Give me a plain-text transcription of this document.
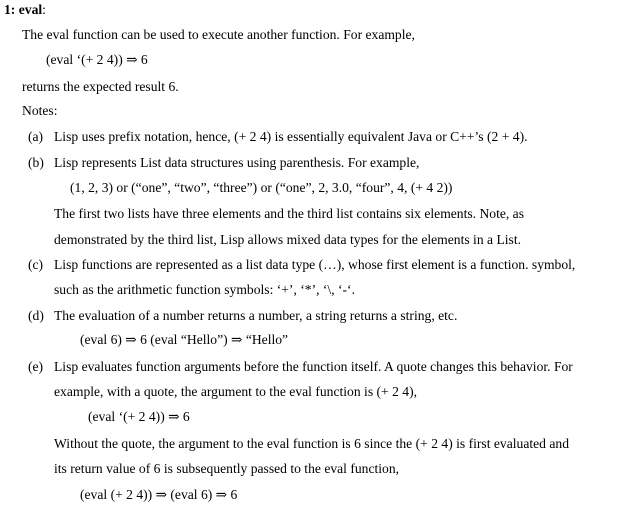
1: eval:
The eval function can be used to execute another function. For example,
(eval ‘(+ 2 4)) ⇒ 6
returns the expected result 6.
Notes:
(a) Lisp uses prefix notation, hence, (+ 2 4) is essentially equivalent Java or C++’s (2 + 4).
(b) Lisp represents List data structures using parenthesis. For example,
(1, 2, 3) or (“one”, “two”, “three”) or (“one”, 2, 3.0, “four”, 4, (+ 4 2))
The first two lists have three elements and the third list contains six elements. Note, as
demonstrated by the third list, Lisp allows mixed data types for the elements in a List.
(c) Lisp functions are represented as a list data type (…), whose first element is a function. symbol,
such as the arithmetic function symbols: ‘+’, ‘*’, ‘\, ‘-‘.
(d) The evaluation of a number returns a number, a string returns a string, etc.
(eval 6) ⇒ 6 (eval “Hello”) ⇒ “Hello”
(e) Lisp evaluates function arguments before the function itself. A quote changes this behavior. For
example, with a quote, the argument to the eval function is (+ 2 4),
(eval ‘(+ 2 4)) ⇒ 6
Without the quote, the argument to the eval function is 6 since the (+ 2 4) is first evaluated and
its return value of 6 is subsequently passed to the eval function,
(eval (+ 2 4)) ⇒ (eval 6) ⇒ 6
